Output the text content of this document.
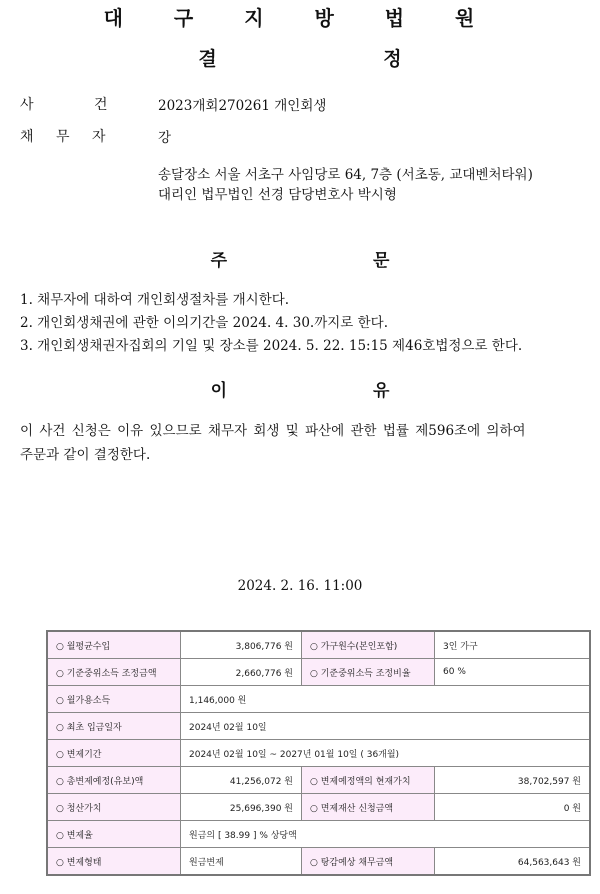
대 구 지 방 법 원
결 정
사 건 2023개회270261 개인회생
채 무 자	강
송달장소 서울 서초구 사임당로 64, 7층 (서초동, 교대벤처타워)
대리인 법무법인 선경 담당변호사 박시형
주 문
1. 채무자에 대하여 개인회생절차를 개시한다.
2. 개인회생채권에 관한 이의기간을 2024. 4. 30.까지로 한다.
3. 개인회생채권자집회의 기일 및 장소를 2024. 5. 22. 15:15 제46호법정으로 한다.
이 유
이 사건 신청은 이유 있으므로 채무자 회생 및 파산에 관한 법률 제596조에 의하여
주문과 같이 결정한다.
2024. 2. 16. 11:00
○ 월평균수입	3,806,776 원	○ 가구원수(본인포함)	3인 가구
○ 기준중위소득 조정금액	2,660,776 원	○ 기준중위소득 조정비율	60 %
○ 월가용소득	1,146,000 원		
○ 최초 입금일자	2024년 02월 10일		
○ 변제기간	2024년 02월 10일 ~ 2027년 01월 10일 ( 36개월)		
○ 총변제예정(유보)액	41,256,072 원	○ 변제예정액의 현재가치	38,702,597 원
○ 청산가치	25,696,390 원	○ 면제재산 신청금액	0 원
○ 변제율	원금의 [ 38.99 ] % 상당액		
○ 변제형태	원금변제	○ 탕감예상 채무금액	64,563,643 원
